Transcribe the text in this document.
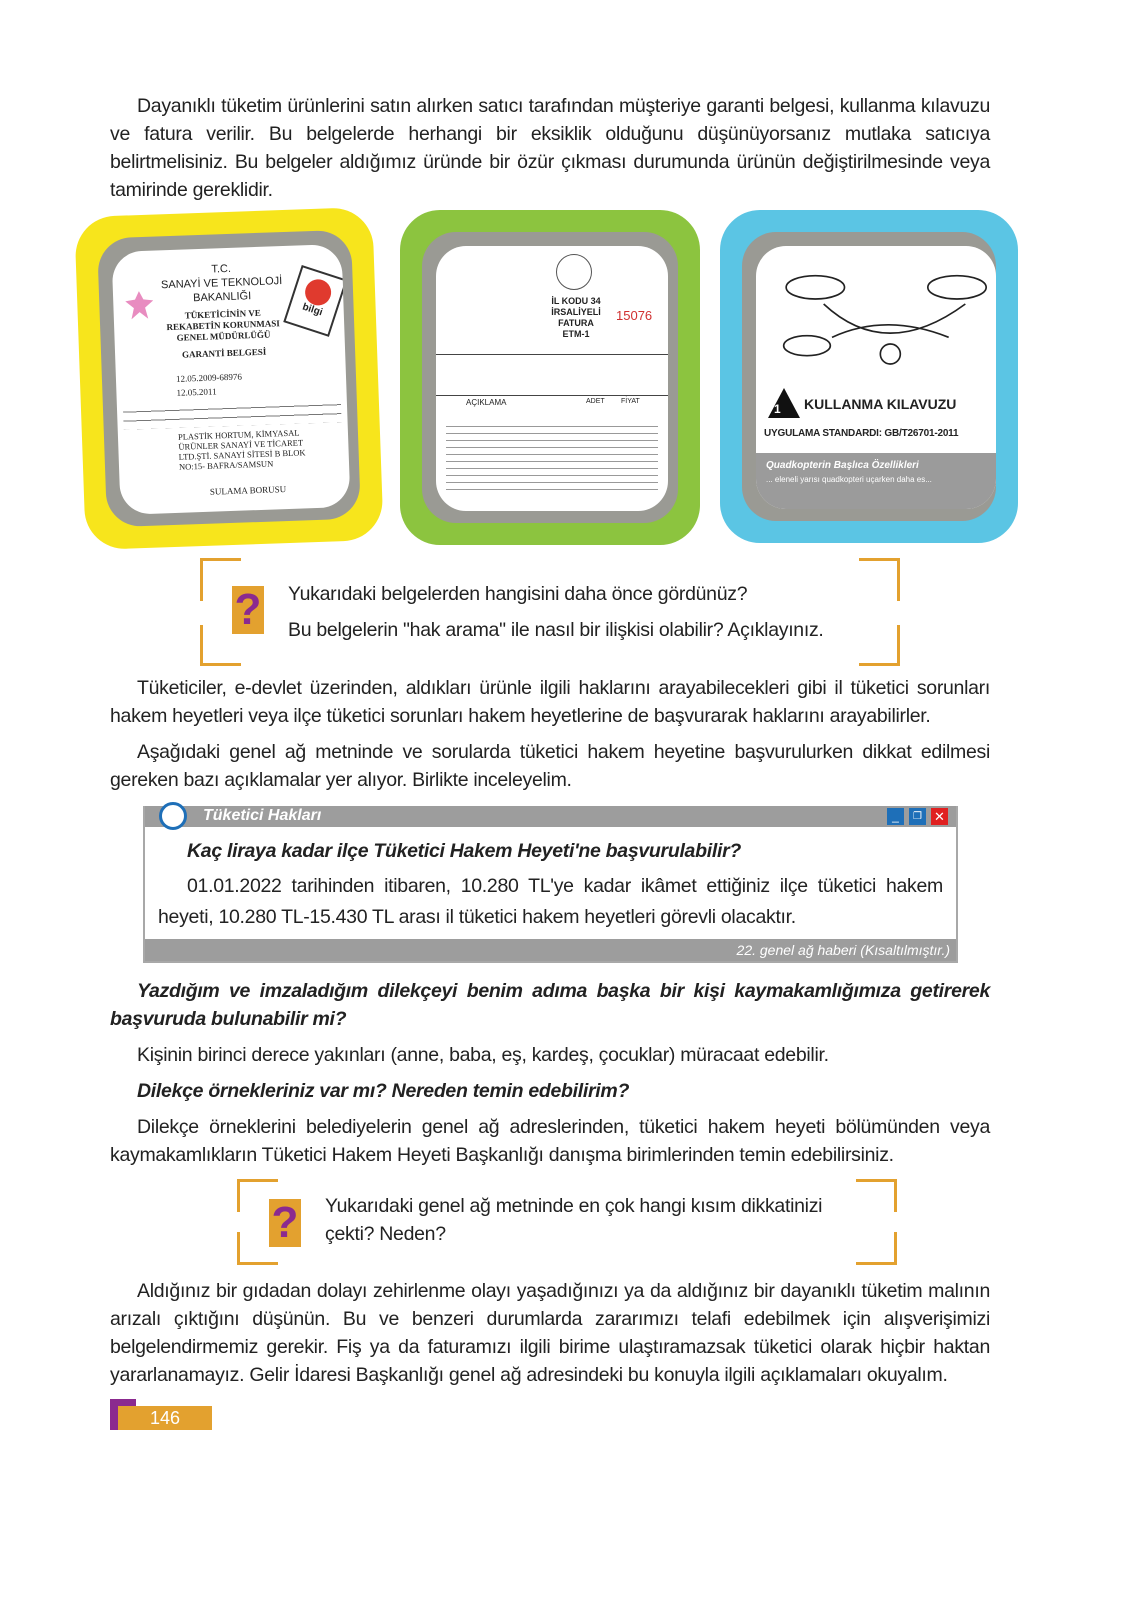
Dayanıklı tüketim ürünlerini satın alırken satıcı tarafından müşteriye garanti belgesi, kullanma kılavuzu ve fatura verilir. Bu belgelerde herhangi bir eksiklik olduğunu düşünüyorsanız mutlaka satıcıya belirtmelisiniz. Bu belgeler aldığımız üründe bir özür çıkması durumunda ürünün değiştirilmesinde veya tamirinde gereklidir.

T.C.
SANAYİ VE TEKNOLOJİ
BAKANLIĞI
TÜKETİCİNİN VE REKABETİN KORUNMASI GENEL MÜDÜRLÜĞÜ
GARANTİ BELGESİ
bilgi
12.05.2009-68976
12.05.2011
PLASTİK HORTUM, KİMYASAL ÜRÜNLER SANAYİ VE TİCARET LTD.ŞTİ. SANAYİ SİTESİ B BLOK NO:15- BAFRA/SAMSUN
SULAMA BORUSU
İL KODU 34
İRSALİYELİ FATURA
ETM-1
15076
AÇIKLAMA	ADET FİYAT
1 KULLANMA KILAVUZU
UYGULAMA STANDARDI: GB/T26701-2011
Quadkopterin Başlıca Özellikleri
... eleneli yarısı quadkopteri uçarken daha es...
? Yukarıdaki belgelerden hangisini daha önce gördünüz?
Bu belgelerin "hak arama" ile nasıl bir ilişkisi olabilir? Açıklayınız.

Tüketiciler, e-devlet üzerinden, aldıkları ürünle ilgili haklarını arayabilecekleri gibi il tüketici sorunları hakem heyetleri veya ilçe tüketici sorunları hakem heyetlerine de başvurarak haklarını arayabilirler.

Aşağıdaki genel ağ metninde ve sorularda tüketici hakem heyetine başvurulurken dikkat edilmesi gereken bazı açıklamalar yer alıyor. Birlikte inceleyelim.

Tüketici Hakları	_	❐ ✕
Kaç liraya kadar ilçe Tüketici Hakem Heyeti'ne başvurulabilir?
01.01.2022 tarihinden itibaren, 10.280 TL'ye kadar ikâmet ettiğiniz ilçe tüketici hakem heyeti, 10.280 TL-15.430 TL arası il tüketici hakem heyetleri görevli olacaktır.
22. genel ağ haberi (Kısaltılmıştır.)

Yazdığım ve imzaladığım dilekçeyi benim adıma başka bir kişi kaymakamlığımıza getirerek başvuruda bulunabilir mi?

Kişinin birinci derece yakınları (anne, baba, eş, kardeş, çocuklar) müracaat edebilir.

Dilekçe örnekleriniz var mı? Nereden temin edebilirim?

Dilekçe örneklerini belediyelerin genel ağ adreslerinden, tüketici hakem heyeti bölümünden veya kaymakamlıkların Tüketici Hakem Heyeti Başkanlığı danışma birimlerinden temin edebilirsiniz.

? Yukarıdaki genel ağ metninde en çok hangi kısım dikkatinizi çekti? Neden?

Aldığınız bir gıdadan dolayı zehirlenme olayı yaşadığınızı ya da aldığınız bir dayanıklı tüketim malının arızalı çıktığını düşünün. Bu ve benzeri durumlarda zararımızı telafi edebilmek için alışverişimizi belgelendirmemiz gerekir. Fiş ya da faturamızı ilgili birime ulaştıramazsak tüketici olarak hiçbir haktan yararlanamayız. Gelir İdaresi Başkanlığı genel ağ adresindeki bu konuyla ilgili açıklamaları okuyalım.

146
